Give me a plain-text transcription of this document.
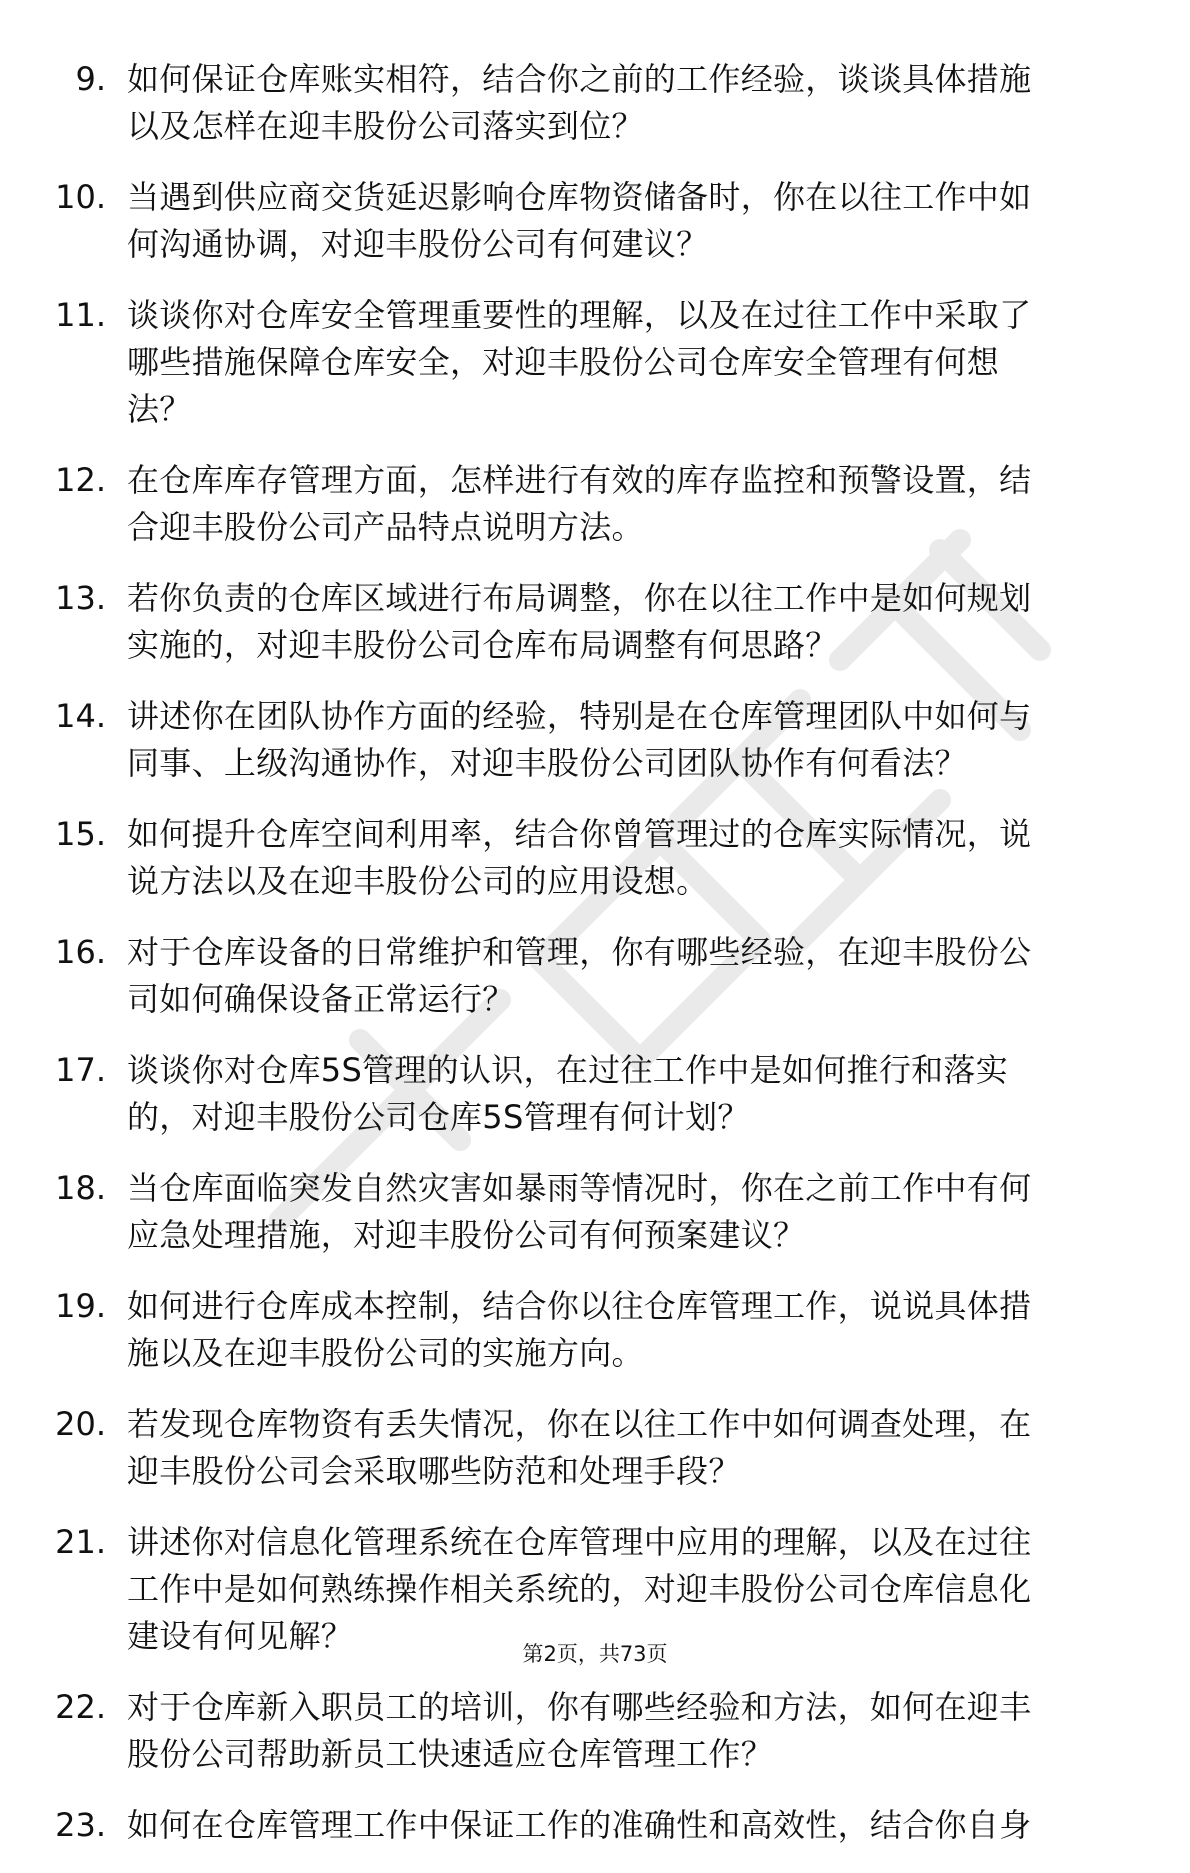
9. 如何保证仓库账实相符，结合你之前的工作经验，谈谈具体措施以及怎样在迎丰股份公司落实到位？
10. 当遇到供应商交货延迟影响仓库物资储备时，你在以往工作中如何沟通协调，对迎丰股份公司有何建议？
11. 谈谈你对仓库安全管理重要性的理解，以及在过往工作中采取了哪些措施保障仓库安全，对迎丰股份公司仓库安全管理有何想法？
12. 在仓库库存管理方面，怎样进行有效的库存监控和预警设置，结合迎丰股份公司产品特点说明方法。
13. 若你负责的仓库区域进行布局调整，你在以往工作中是如何规划实施的，对迎丰股份公司仓库布局调整有何思路？
14. 讲述你在团队协作方面的经验，特别是在仓库管理团队中如何与同事、上级沟通协作，对迎丰股份公司团队协作有何看法？
15. 如何提升仓库空间利用率，结合你曾管理过的仓库实际情况，说说方法以及在迎丰股份公司的应用设想。
16. 对于仓库设备的日常维护和管理，你有哪些经验，在迎丰股份公司如何确保设备正常运行？
17. 谈谈你对仓库5S管理的认识，在过往工作中是如何推行和落实的，对迎丰股份公司仓库5S管理有何计划？
18. 当仓库面临突发自然灾害如暴雨等情况时，你在之前工作中有何应急处理措施，对迎丰股份公司有何预案建议？
19. 如何进行仓库成本控制，结合你以往仓库管理工作，说说具体措施以及在迎丰股份公司的实施方向。
20. 若发现仓库物资有丢失情况，你在以往工作中如何调查处理，在迎丰股份公司会采取哪些防范和处理手段？
21. 讲述你对信息化管理系统在仓库管理中应用的理解，以及在过往工作中是如何熟练操作相关系统的，对迎丰股份公司仓库信息化建设有何见解？
22. 对于仓库新入职员工的培训，你有哪些经验和方法，如何在迎丰股份公司帮助新员工快速适应仓库管理工作？
23. 如何在仓库管理工作中保证工作的准确性和高效性，结合你自身
第2页，共73页
